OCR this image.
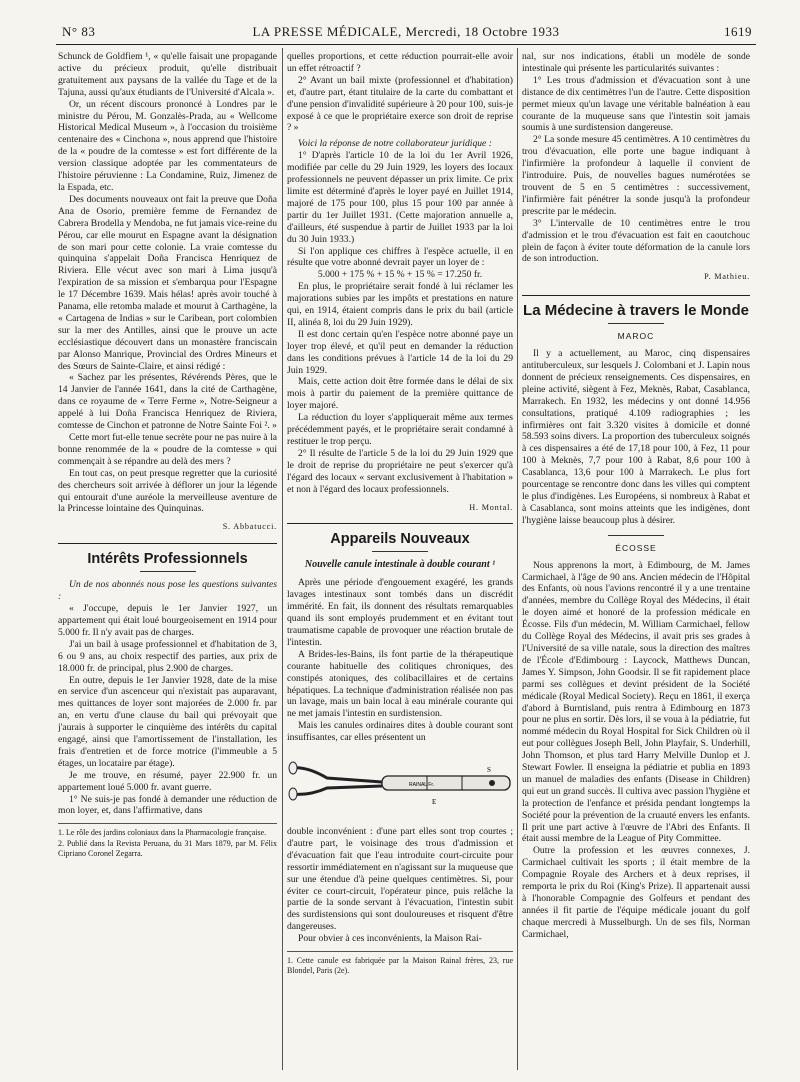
N° 83	LA PRESSE MÉDICALE, Mercredi, 18 Octobre 1933	1619

Schunck de Goldfiem ¹, « qu'elle faisait une propagande active du précieux produit, qu'elle distribuait gratuitement aux paysans de la vallée du Tage et de la Tajuna, aussi qu'aux étudiants de l'Université d'Alcala ».

Or, un récent discours prononcé à Londres par le ministre du Pérou, M. Gonzalès-Prada, au « Wellcome Historical Medical Museum », à l'occasion du troisième centenaire des « Cinchona », nous apprend que l'histoire de la « poudre de la comtesse » est fort différente de la version classique adoptée par les commentateurs de l'histoire péruvienne : La Condamine, Ruiz, Jimenez de la Espada, etc.

Des documents nouveaux ont fait la preuve que Doña Ana de Osorio, première femme de Fernandez de Cabrera Brodella y Mendoba, ne fut jamais vice-reine du Pérou, car elle mourut en Espagne avant la désignation de son mari pour cette colonie. La vraie comtesse du quinquina s'appelait Doña Francisca Henriquez de Riviera. Elle vécut avec son mari à Lima jusqu'à l'expiration de sa mission et s'embarqua pour l'Espagne le 17 Décembre 1639. Mais hélas! après avoir touché à Panama, elle retomba malade et mourut à Carthagène, la « Cartagena de Indias » sur le Caribean, port colombien sur la mer des Antilles, ainsi que le prouve un acte ecclésiastique découvert dans un monastère franciscain par Alonso Manrique, Provincial des Ordres Mineurs et des Sœurs de Sainte-Claire, et ainsi rédigé :

« Sachez par les présentes, Révérends Pères, que le 14 Janvier de l'année 1641, dans la cité de Carthagène, dans ce royaume de « Terre Ferme », Notre-Seigneur a appelé à lui Doña Francisca Henriquez de Riviera, comtesse de Cinchon et patronne de Notre Sainte Foi ². »

Cette mort fut-elle tenue secrète pour ne pas nuire à la bonne renommée de la « poudre de la comtesse » qui commençait à se répandre au delà des mers ?

En tout cas, on peut presque regretter que la curiosité des chercheurs soit arrivée à déflorer un jour la légende qui entourait d'une auréole la merveilleuse aventure de la Princesse lointaine des Quinquinas.

S. Abbatucci.
Intérêts Professionnels

Un de nos abonnés nous pose les questions suivantes :

« J'occupe, depuis le 1er Janvier 1927, un appartement qui était loué bourgeoisement en 1914 pour 5.000 fr. Il n'y avait pas de charges.

J'ai un bail à usage professionnel et d'habitation de 3, 6 ou 9 ans, au choix respectif des parties, aux prix de 18.000 fr. de principal, plus 2.900 de charges.

En outre, depuis le 1er Janvier 1928, date de la mise en service d'un ascenceur qui n'existait pas auparavant, mes quittances de loyer sont majorées de 2.000 fr. par an, en vertu d'une clause du bail qui prévoyait que j'aurais à supporter le cinquième des intérêts du capital engagé, ainsi que l'amortissement de l'installation, les frais d'entretien et de force motrice (l'immeuble a 5 étages, un locataire par étage).

Je me trouve, en résumé, payer 22.900 fr. un appartement loué 5.000 fr. avant guerre.

1° Ne suis-je pas fondé à demander une réduction de mon loyer, et, dans l'affirmative, dans

1. Le rôle des jardins coloniaux dans la Pharmacologie française.

2. Publié dans la Revista Peruana, du 31 Mars 1879, par M. Félix Cipriano Coronel Zegarra.

quelles proportions, et cette réduction pourrait-elle avoir un effet rétroactif ?

2° Avant un bail mixte (professionnel et d'habitation) et, d'autre part, étant titulaire de la carte du combattant et d'une pension d'invalidité supérieure à 20 pour 100, suis-je exposé à ce que le propriétaire exerce son droit de reprise ? »

Voici la réponse de notre collaborateur juridique :

1° D'après l'article 10 de la loi du 1er Avril 1926, modifiée par celle du 29 Juin 1929, les loyers des locaux professionnels ne peuvent dépasser un prix limite. Ce prix limite est déterminé d'après le loyer payé en Juillet 1914, majoré de 175 pour 100, plus 15 pour 100 par année à partir du 1er Juillet 1931. (Cette majoration annuelle a, d'ailleurs, été suspendue à partir de Juillet 1933 par la loi du 30 Juin 1933.)

Si l'on applique ces chiffres à l'espèce actuelle, il en résulte que votre abonné devrait payer un loyer de :

5.000 + 175 % + 15 % + 15 % = 17.250 fr.

En plus, le propriétaire serait fondé à lui réclamer les majorations subies par les impôts et prestations en nature qui, en 1914, étaient compris dans le prix du bail (article II, alinéa 8, loi du 29 Juin 1929).

Il est donc certain qu'en l'espèce notre abonné paye un loyer trop élevé, et qu'il peut en demander la réduction dans les conditions prévues à l'article 14 de la loi du 29 Juin 1929.

Mais, cette action doit être formée dans le délai de six mois à partir du paiement de la première quittance de loyer majoré.

La réduction du loyer s'appliquerait même aux termes précédemment payés, et le propriétaire serait condamné à restituer le trop perçu.

2° Il résulte de l'article 5 de la loi du 29 Juin 1929 que le droit de reprise du propriétaire ne peut s'exercer qu'à l'égard des locaux « servant exclusivement à l'habitation » et non à l'égard des locaux professionnels.

H. Montal.
Appareils Nouveaux
Nouvelle canule intestinale à double courant ¹

Après une période d'engouement exagéré, les grands lavages intestinaux sont tombés dans un discrédit immérité. En fait, ils donnent des résultats remarquables quand ils sont employés prudemment et en évitant tout traumatisme capable de provoquer une réaction brutale de l'intestin.

A Brides-les-Bains, ils font partie de la thérapeutique courante habituelle des colitiques chroniques, des constipés atoniques, des colibacillaires et de certains hépatiques. La technique d'administration réalisée non pas un lavage, mais un bain local à eau minérale courante qui ne met jamais l'intestin en surdistension.

Mais les canules ordinaires dites à double courant sont insuffisantes, car elles présentent un

RAINAL Fr.
E
S

double inconvénient : d'une part elles sont trop courtes ; d'autre part, le voisinage des trous d'admission et d'évacuation fait que l'eau introduite court-circuite pour ressortir immédiatement en n'agissant sur la muqueuse que sur une étendue d'à peine quelques centimètres. Si, pour éviter ce court-circuit, l'opérateur pince, puis relâche la partie de la sonde servant à l'évacuation, l'intestin subit des surdistensions qui sont douloureuses et risquent d'être dangereuses.

Pour obvier à ces inconvénients, la Maison Rai-

1. Cette canule est fabriquée par la Maison Rainal frères, 23, rue Blondel, Paris (2e).

nal, sur nos indications, établi un modèle de sonde intestinale qui présente les particularités suivantes :

1° Les trous d'admission et d'évacuation sont à une distance de dix centimètres l'un de l'autre. Cette disposition permet mieux qu'un lavage une véritable balnéation à eau courante de la muqueuse sans que l'intestin soit jamais soumis à une surdistension dangereuse.

2° La sonde mesure 45 centimètres. A 10 centimètres du trou d'évacuation, elle porte une bague indiquant à l'infirmière la profondeur à laquelle il convient de l'introduire. Puis, de nouvelles bagues numérotées se trouvent de 5 en 5 centimètres : successivement, l'infirmière fait pénétrer la sonde jusqu'à la profondeur prescrite par le médecin.

3° L'intervalle de 10 centimètres entre le trou d'admission et le trou d'évacuation est fait en caoutchouc plein de façon à éviter toute déformation de la canule lors de son introduction.

P. Mathieu.
La Médecine à travers le Monde
MAROC

Il y a actuellement, au Maroc, cinq dispensaires antituberculeux, sur lesquels J. Colombani et J. Lapin nous donnent de précieux renseignements. Ces dispensaires, en pleine activité, siègent à Fez, Meknès, Rabat, Casablanca, Marrakech. En 1932, les médecins y ont donné 14.956 consultations, pratiqué 4.109 radiographies ; les infirmières ont fait 3.320 visites à domicile et donné 58.593 soins divers. La proportion des tuberculeux soignés à ces dispensaires a été de 17,18 pour 100, à Fez, 11 pour 100 à Meknès, 7,7 pour 100 à Rabat, 8,6 pour 100 à Casablanca, 13,6 pour 100 à Marrakech. Le plus fort pourcentage se rencontre donc dans les villes qui comptent le plus d'indigènes. Les Européens, si nombreux à Rabat et à Casablanca, sont moins atteints que les indigènes, dont l'hygiène laisse beaucoup plus à désirer.

ÉCOSSE

Nous apprenons la mort, à Edimbourg, de M. James Carmichael, à l'âge de 90 ans. Ancien médecin de l'Hôpital des Enfants, où nous l'avions rencontré il y a une trentaine d'années, membre du Collège Royal des Médecins, il était le doyen aimé et honoré de la profession médicale en Écosse. Fils d'un médecin, M. William Carmichael, fellow du Collège Royal des Médecins, il avait pris ses grades à l'Université de sa ville natale, sous la direction des maîtres de l'École d'Edimbourg : Laycock, Matthews Duncan, James Y. Simpson, John Goodsir. Il se fit rapidement place parmi ses collègues et devint président de la Société médicale (Royal Medical Society). Reçu en 1861, il exerça d'abord à Burntisland, puis rentra à Edimbourg en 1873 pour ne plus en sortir. Dès lors, il se voua à la pédiatrie, fut nommé médecin du Royal Hospital for Sick Children où il eut pour collègues Joseph Bell, John Playfair, S. Underhill, John Thomson, et plus tard Harry Melville Dunlop et J. Stewart Fowler. Il enseigna la pédiatrie et publia en 1893 un manuel de maladies des enfants (Disease in Children) qui eut un grand succès. Il cultiva avec passion l'hygiène et la protection de l'enfance et présida pendant longtemps la Société pour la prévention de la cruauté envers les enfants. Il prit une part active à l'œuvre de l'Abri des Enfants. Il était aussi membre de la League of Pity Committee.

Outre la profession et les œuvres connexes, J. Carmichael cultivait les sports ; il était membre de la Compagnie Royale des Archers et à deux reprises, il remporta le prix du Roi (King's Prize). Il appartenait aussi à l'honorable Compagnie des Golfeurs et pendant des années il fit partie de l'équipe médicale jouant du golf chaque mercredi à Musselburgh. Un de ses fils, Norman Carmichael,
